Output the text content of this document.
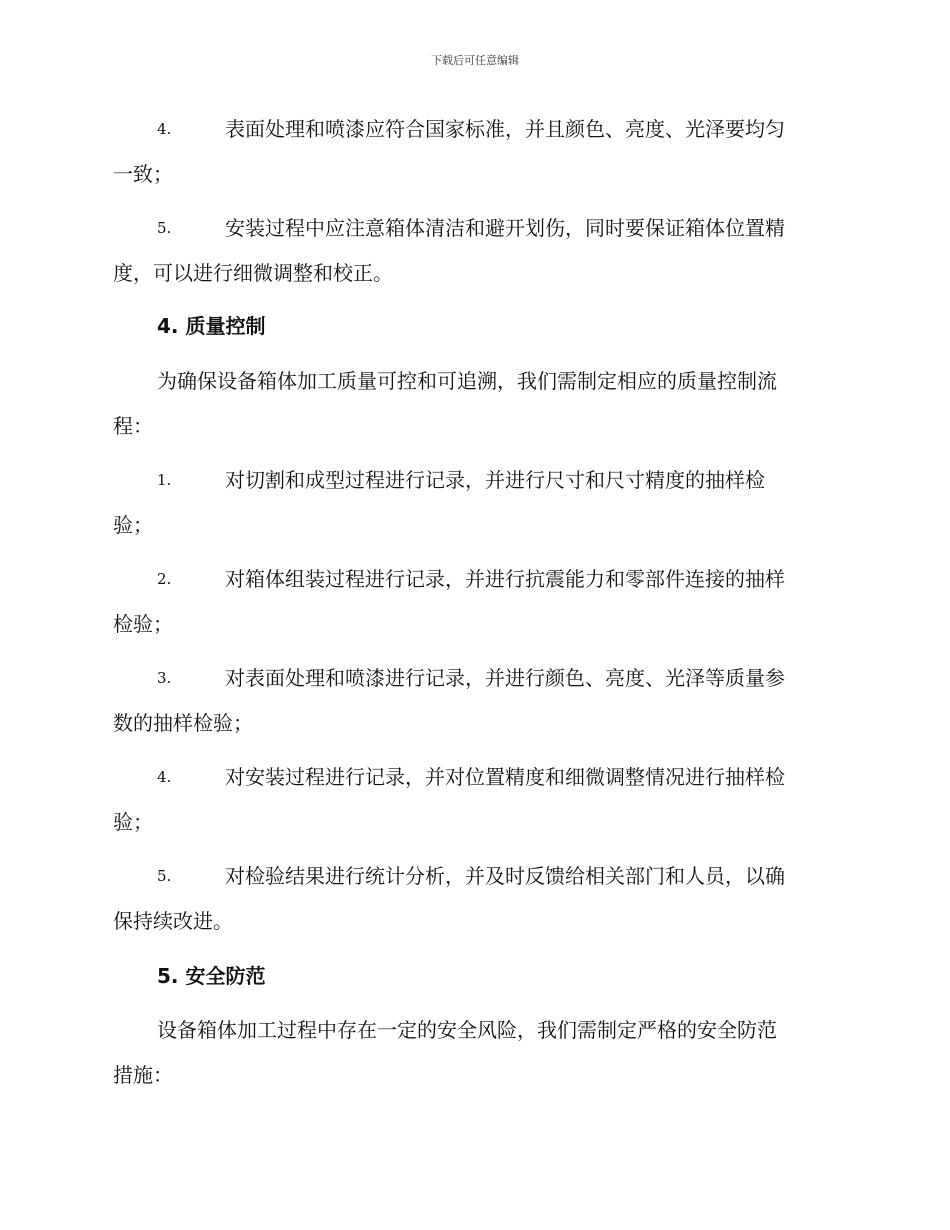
下载后可任意编辑
4.	表面处理和喷漆应符合国家标准，并且颜色、亮度、光泽要均匀
一致；
5.	安装过程中应注意箱体清洁和避开划伤，同时要保证箱体位置精
度，可以进行细微调整和校正。
4. 质量控制
为确保设备箱体加工质量可控和可追溯，我们需制定相应的质量控制流
程：
1.	对切割和成型过程进行记录，并进行尺寸和尺寸精度的抽样检
验；
2.	对箱体组装过程进行记录，并进行抗震能力和零部件连接的抽样
检验；
3.	对表面处理和喷漆进行记录，并进行颜色、亮度、光泽等质量参
数的抽样检验；
4.	对安装过程进行记录，并对位置精度和细微调整情况进行抽样检
验；
5.	对检验结果进行统计分析，并及时反馈给相关部门和人员，以确
保持续改进。
5. 安全防范
设备箱体加工过程中存在一定的安全风险，我们需制定严格的安全防范
措施：
